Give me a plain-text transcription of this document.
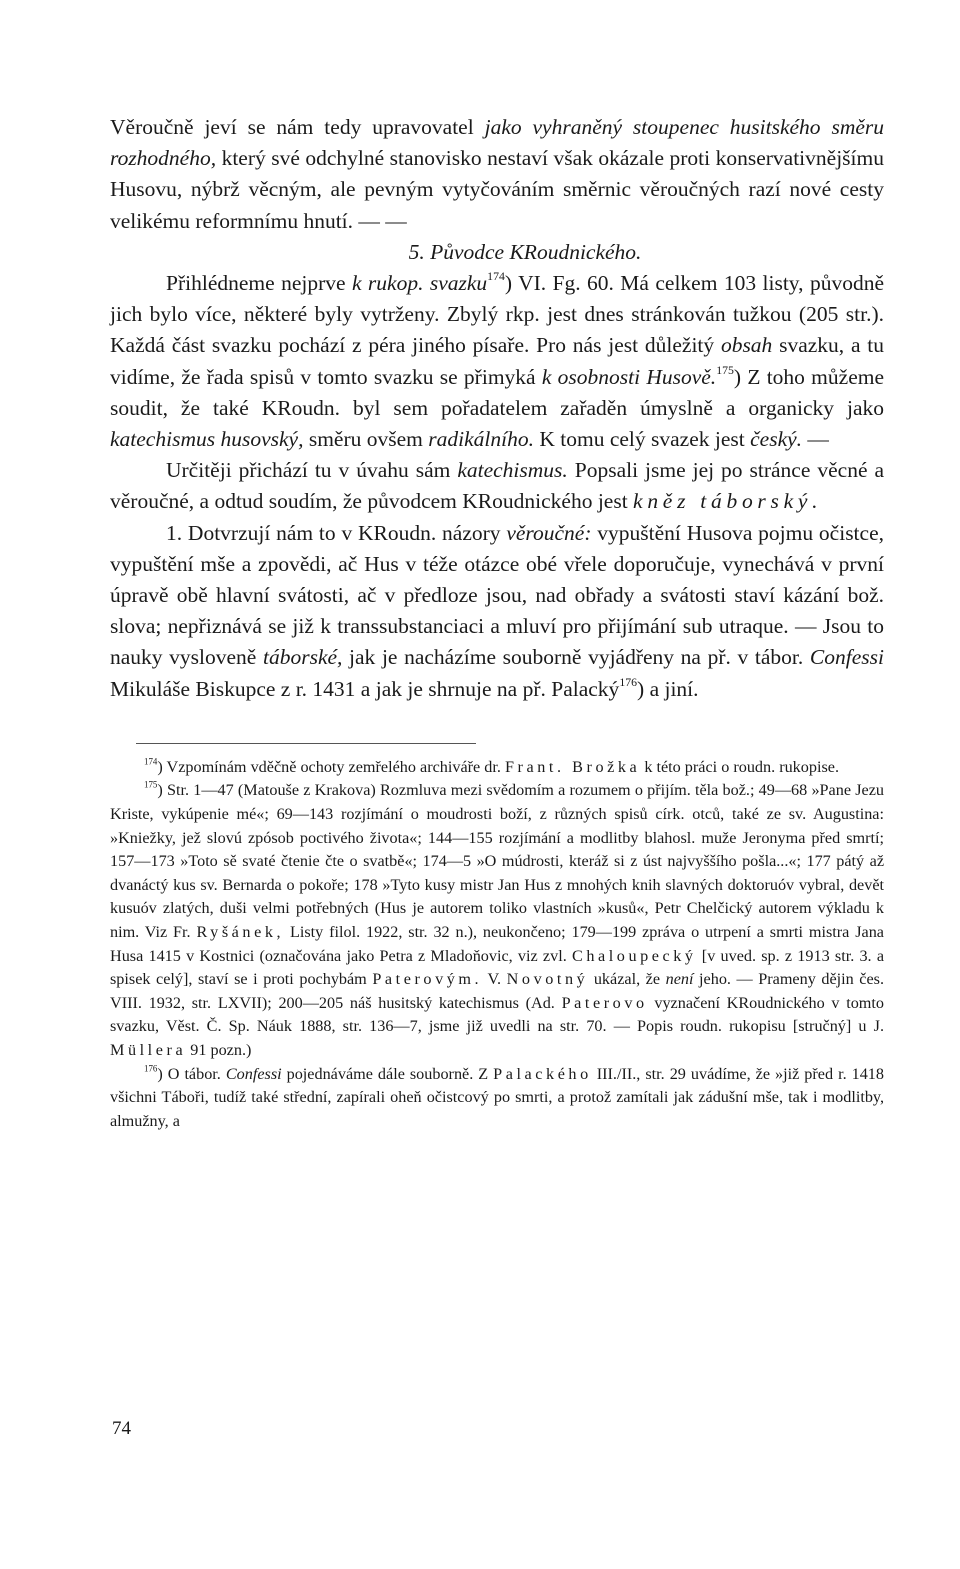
Věroučně jeví se nám tedy upravovatel jako vyhraněný stoupenec husitského směru rozhodného, který své odchylné stanovisko nestaví však okázale proti konservativnějšímu Husovu, nýbrž věcným, ale pevným vytyčováním směrnic věroučných razí nové cesty velikému reformnímu hnutí. — —

5. Původce KRoudnického.

Přihlédneme nejprve k rukop. svazku$^{174}$) VI. Fg. 60. Má celkem 103 listy, původně jich bylo více, některé byly vytrženy. Zbylý rkp. jest dnes stránkován tužkou (205 str.). Každá část svazku pochází z péra jiného písaře. Pro nás jest důležitý obsah svazku, a tu vidíme, že řada spisů v tomto svazku se přimyká k osobnosti Husově.$^{175}$) Z toho můžeme soudit, že také KRoudn. byl sem pořadatelem zařaděn úmyslně a organicky jako katechismus husovský, směru ovšem radikálního. K tomu celý svazek jest český. —

Určitěji přichází tu v úvahu sám katechismus. Popsali jsme jej po stránce věcné a věroučné, a odtud soudím, že původcem KRoudnického jest kněz táborský.

1. Dotvrzují nám to v KRoudn. názory věroučné: vypuštění Husova pojmu očistce, vypuštění mše a zpovědi, ač Hus v téže otázce obé vřele doporučuje, vynechává v první úpravě obě hlavní svátosti, ač v předloze jsou, nad obřady a svátosti staví kázání bož. slova; nepřiznává se již k transsubstanciaci a mluví pro přijímání sub utraque. — Jsou to nauky vysloveně táborské, jak je nacházíme souborně vyjádřeny na př. v tábor. Confessi Mikuláše Biskupce z r. 1431 a jak je shrnuje na př. Palacký$^{176}$) a jiní.

$^{174}$) Vzpomínám vděčně ochoty zemřelého archiváře dr. Frant. Brožka k této práci o roudn. rukopise.

$^{175}$) Str. 1—47 (Matouše z Krakova) Rozmluva mezi svědomím a rozumem o přijím. těla bož.; 49—68 »Pane Jezu Kriste, vykúpenie mé«; 69—143 rozjímání o moudrosti boží, z různých spisů círk. otců, také ze sv. Augustina: »Kniežky, jež slovú zpósob poctivého života«; 144—155 rozjímání a modlitby blahosl. muže Jeronyma před smrtí; 157—173 »Toto sě svaté čtenie čte o svatbě«; 174—5 »O múdrosti, kteráž si z úst najvyššího pošla...«; 177 pátý až dvanáctý kus sv. Bernarda o pokoře; 178 »Tyto kusy mistr Jan Hus z mnohých knih slavných doktoruóv vybral, devět kusuóv zlatých, duši velmi potřebných (Hus je autorem toliko vlastních »kusů«, Petr Chelčický autorem výkladu k nim. Viz Fr. Ryšánek, Listy filol. 1922, str. 32 n.), neukončeno; 179—199 zpráva o utrpení a smrti mistra Jana Husa 1415 v Kostnici (označována jako Petra z Mladoňovic, viz zvl. Chaloupecký [v uved. sp. z 1913 str. 3. a spisek celý], staví se i proti pochybám Paterovým. V. Novotný ukázal, že není jeho. — Prameny dějin čes. VIII. 1932, str. LXVII); 200—205 náš husitský katechismus (Ad. Paterovo vyznačení KRoudnického v tomto svazku, Věst. Č. Sp. Náuk 1888, str. 136—7, jsme již uvedli na str. 70. — Popis roudn. rukopisu [stručný] u J. Müllera 91 pozn.)

$^{176}$) O tábor. Confessi pojednáváme dále souborně. Z Palackého III./II., str. 29 uvádíme, že »již před r. 1418 všichni Táboři, tudíž také střední, zapírali oheň očistcový po smrti, a protož zamítali jak zádušní mše, tak i modlitby, almužny, a

74
